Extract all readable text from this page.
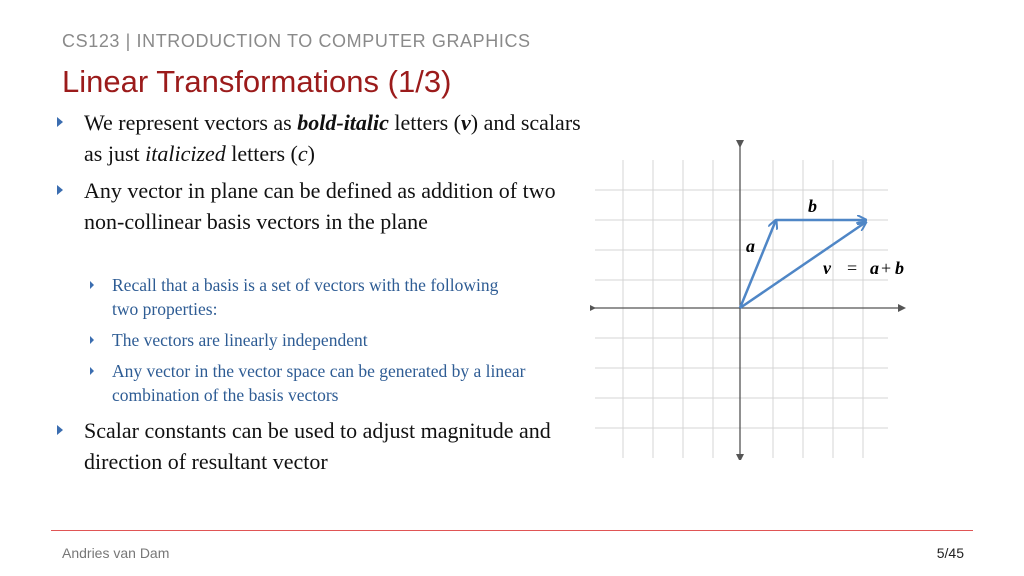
CS123 | INTRODUCTION TO COMPUTER GRAPHICS
Linear Transformations (1/3)
We represent vectors as bold-italic letters (v) and scalars as just italicized letters (c)
Any vector in plane can be defined as addition of two non-collinear basis vectors in the plane
Recall that a basis is a set of vectors with the following two properties:
The vectors are linearly independent
Any vector in the vector space can be generated by a linear combination of the basis vectors
Scalar constants can be used to adjust magnitude and direction of resultant vector
a
b
v = a + b
Andries van Dam	5/45
